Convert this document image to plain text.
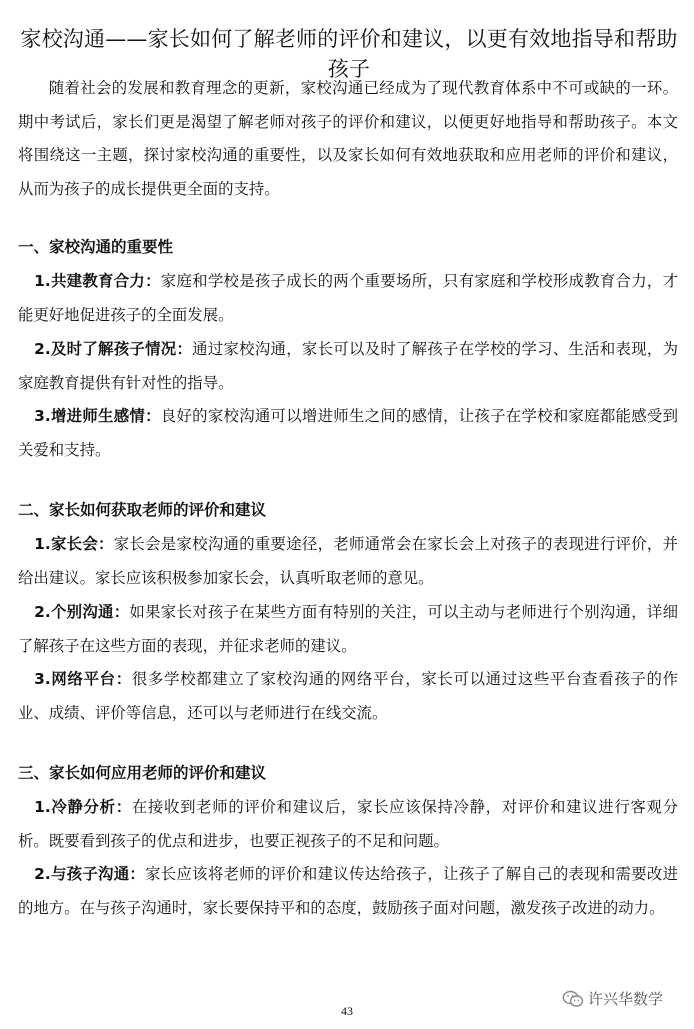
家校沟通——家长如何了解老师的评价和建议，以更有效地指导和帮助孩子

随着社会的发展和教育理念的更新，家校沟通已经成为了现代教育体系中不可或缺的一环。期中考试后，家长们更是渴望了解老师对孩子的评价和建议，以便更好地指导和帮助孩子。本文将围绕这一主题，探讨家校沟通的重要性，以及家长如何有效地获取和应用老师的评价和建议，从而为孩子的成长提供更全面的支持。

一、家校沟通的重要性

1.共建教育合力：家庭和学校是孩子成长的两个重要场所，只有家庭和学校形成教育合力，才能更好地促进孩子的全面发展。

2.及时了解孩子情况：通过家校沟通，家长可以及时了解孩子在学校的学习、生活和表现，为家庭教育提供有针对性的指导。

3.增进师生感情：良好的家校沟通可以增进师生之间的感情，让孩子在学校和家庭都能感受到关爱和支持。

二、家长如何获取老师的评价和建议

1.家长会：家长会是家校沟通的重要途径，老师通常会在家长会上对孩子的表现进行评价，并给出建议。家长应该积极参加家长会，认真听取老师的意见。

2.个别沟通：如果家长对孩子在某些方面有特别的关注，可以主动与老师进行个别沟通，详细了解孩子在这些方面的表现，并征求老师的建议。

3.网络平台：很多学校都建立了家校沟通的网络平台，家长可以通过这些平台查看孩子的作业、成绩、评价等信息，还可以与老师进行在线交流。

三、家长如何应用老师的评价和建议

1.冷静分析：在接收到老师的评价和建议后，家长应该保持冷静，对评价和建议进行客观分析。既要看到孩子的优点和进步，也要正视孩子的不足和问题。

2.与孩子沟通：家长应该将老师的评价和建议传达给孩子，让孩子了解自己的表现和需要改进的地方。在与孩子沟通时，家长要保持平和的态度，鼓励孩子面对问题，激发孩子改进的动力。

许兴华数学
43
